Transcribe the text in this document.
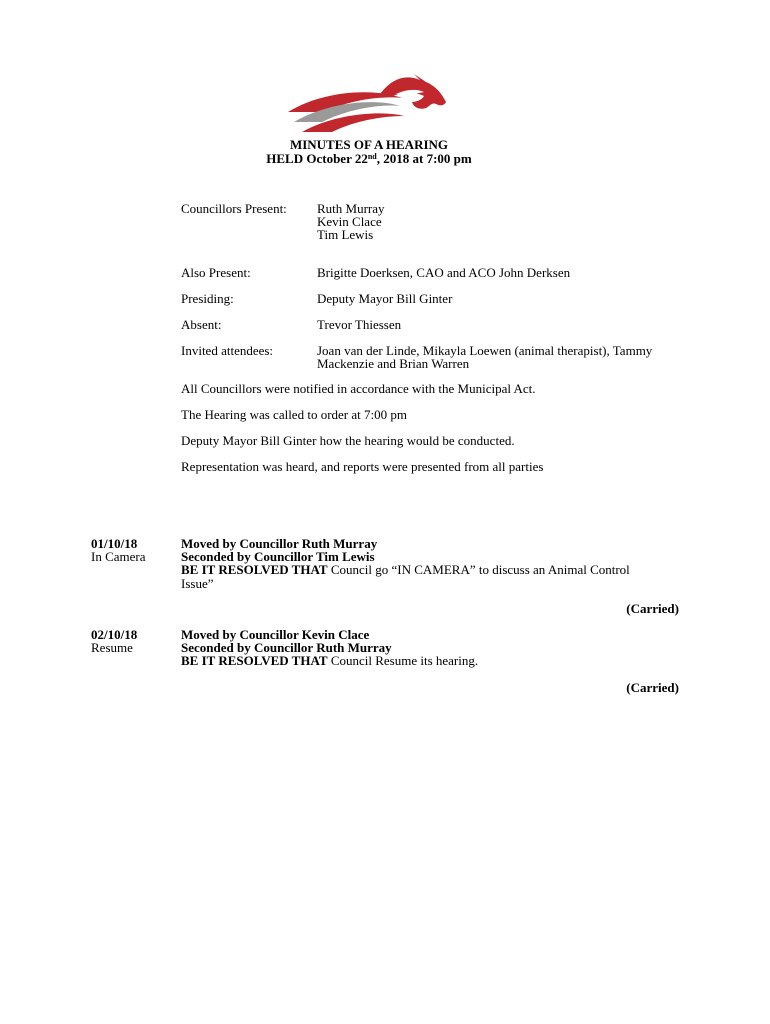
MINUTES OF A HEARING
HELD October 22nd, 2018 at 7:00 pm
Councillors Present: Ruth Murray
Kevin Clace
Tim Lewis
Also Present:	Brigitte Doerksen, CAO and ACO John Derksen
Presiding:	Deputy Mayor Bill Ginter
Absent:	Trevor Thiessen
Invited attendees:	Joan van der Linde, Mikayla Loewen (animal therapist), Tammy
Mackenzie and Brian Warren
All Councillors were notified in accordance with the Municipal Act.
The Hearing was called to order at 7:00 pm
Deputy Mayor Bill Ginter how the hearing would be conducted.
Representation was heard, and reports were presented from all parties
01/10/18
In Camera
Moved by Councillor Ruth Murray
Seconded by Councillor Tim Lewis
BE IT RESOLVED THAT Council go “IN CAMERA” to discuss an Animal Control Issue”
(Carried)
02/10/18
Resume
Moved by Councillor Kevin Clace
Seconded by Councillor Ruth Murray
BE IT RESOLVED THAT Council Resume its hearing.
(Carried)
